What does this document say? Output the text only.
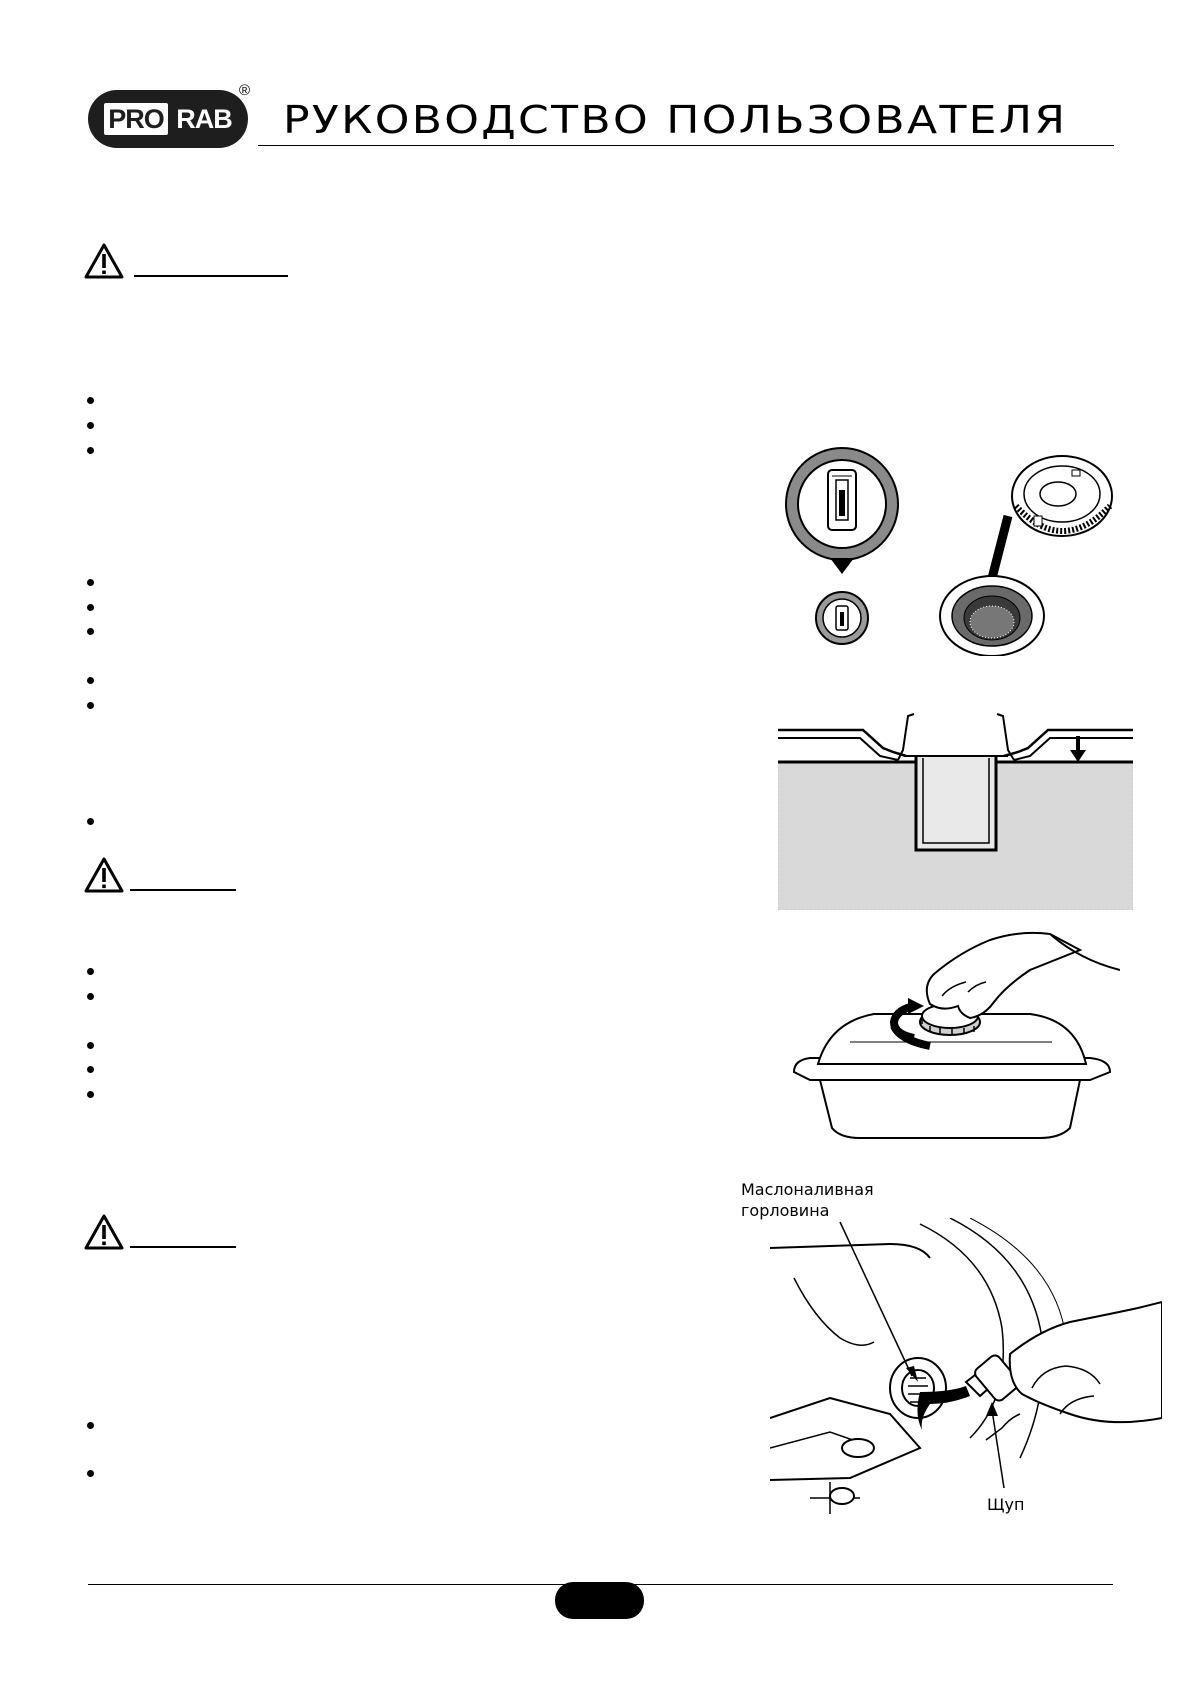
PRO RAB
®
РУКОВОДСТВО ПОЛЬЗОВАТЕЛЯ
Маслоналивная
горловина
Щуп
